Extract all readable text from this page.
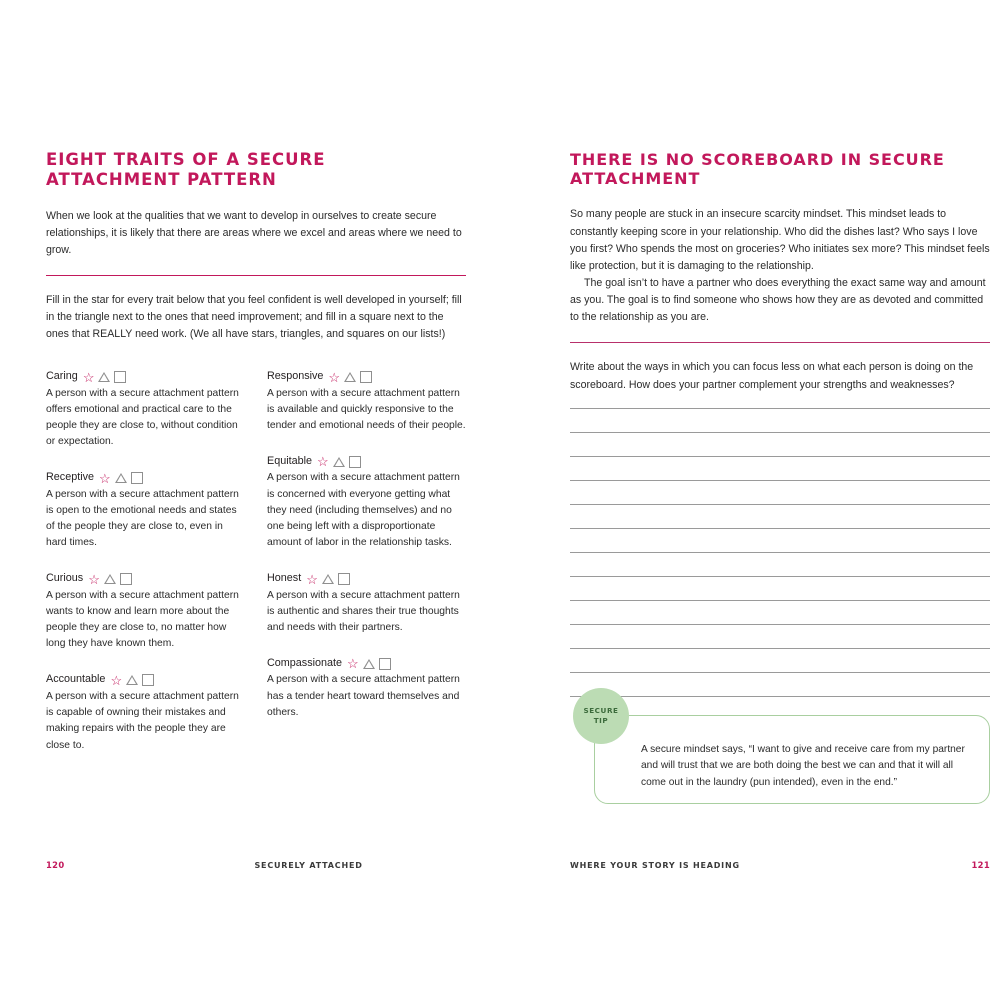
EIGHT TRAITS OF A SECURE ATTACHMENT PATTERN

When we look at the qualities that we want to develop in ourselves to create secure relationships, it is likely that there are areas where we excel and areas where we need to grow.

Fill in the star for every trait below that you feel confident is well developed in yourself; fill in the triangle next to the ones that need improvement; and fill in a square next to the ones that REALLY need work. (We all have stars, triangles, and squares on our lists!)
Caring ☆
A person with a secure attachment pattern offers emotional and practical care to the people they are close to, without condition or expectation.
Receptive ☆
A person with a secure attachment pattern is open to the emotional needs and states of the people they are close to, even in hard times.
Curious ☆
A person with a secure attachment pattern wants to know and learn more about the people they are close to, no matter how long they have known them.
Accountable ☆
A person with a secure attachment pattern is capable of owning their mistakes and making repairs with the people they are close to.
Responsive ☆
A person with a secure attachment pattern is available and quickly responsive to the tender and emotional needs of their people.
Equitable ☆
A person with a secure attachment pattern is concerned with everyone getting what they need (including themselves) and no one being left with a disproportionate amount of labor in the relationship tasks.
Honest ☆
A person with a secure attachment pattern is authentic and shares their true thoughts and needs with their partners.
Compassionate ☆
A person with a secure attachment pattern has a tender heart toward themselves and others.
120	SECURELY ATTACHED
THERE IS NO SCOREBOARD IN SECURE ATTACHMENT

So many people are stuck in an insecure scarcity mindset. This mindset leads to constantly keeping score in your relationship. Who did the dishes last? Who says I love you first? Who spends the most on groceries? Who initiates sex more? This mindset feels like protection, but it is damaging to the relationship.

The goal isn’t to have a partner who does everything the exact same way and amount as you. The goal is to find someone who shows how they are as devoted and committed to the relationship as you are.

Write about the ways in which you can focus less on what each person is doing on the scoreboard. How does your partner complement your strengths and weaknesses?

SECURE
TIP

A secure mindset says, “I want to give and receive care from my partner and will trust that we are both doing the best we can and that it will all come out in the laundry (pun intended), even in the end.”

WHERE YOUR STORY IS HEADING	121
